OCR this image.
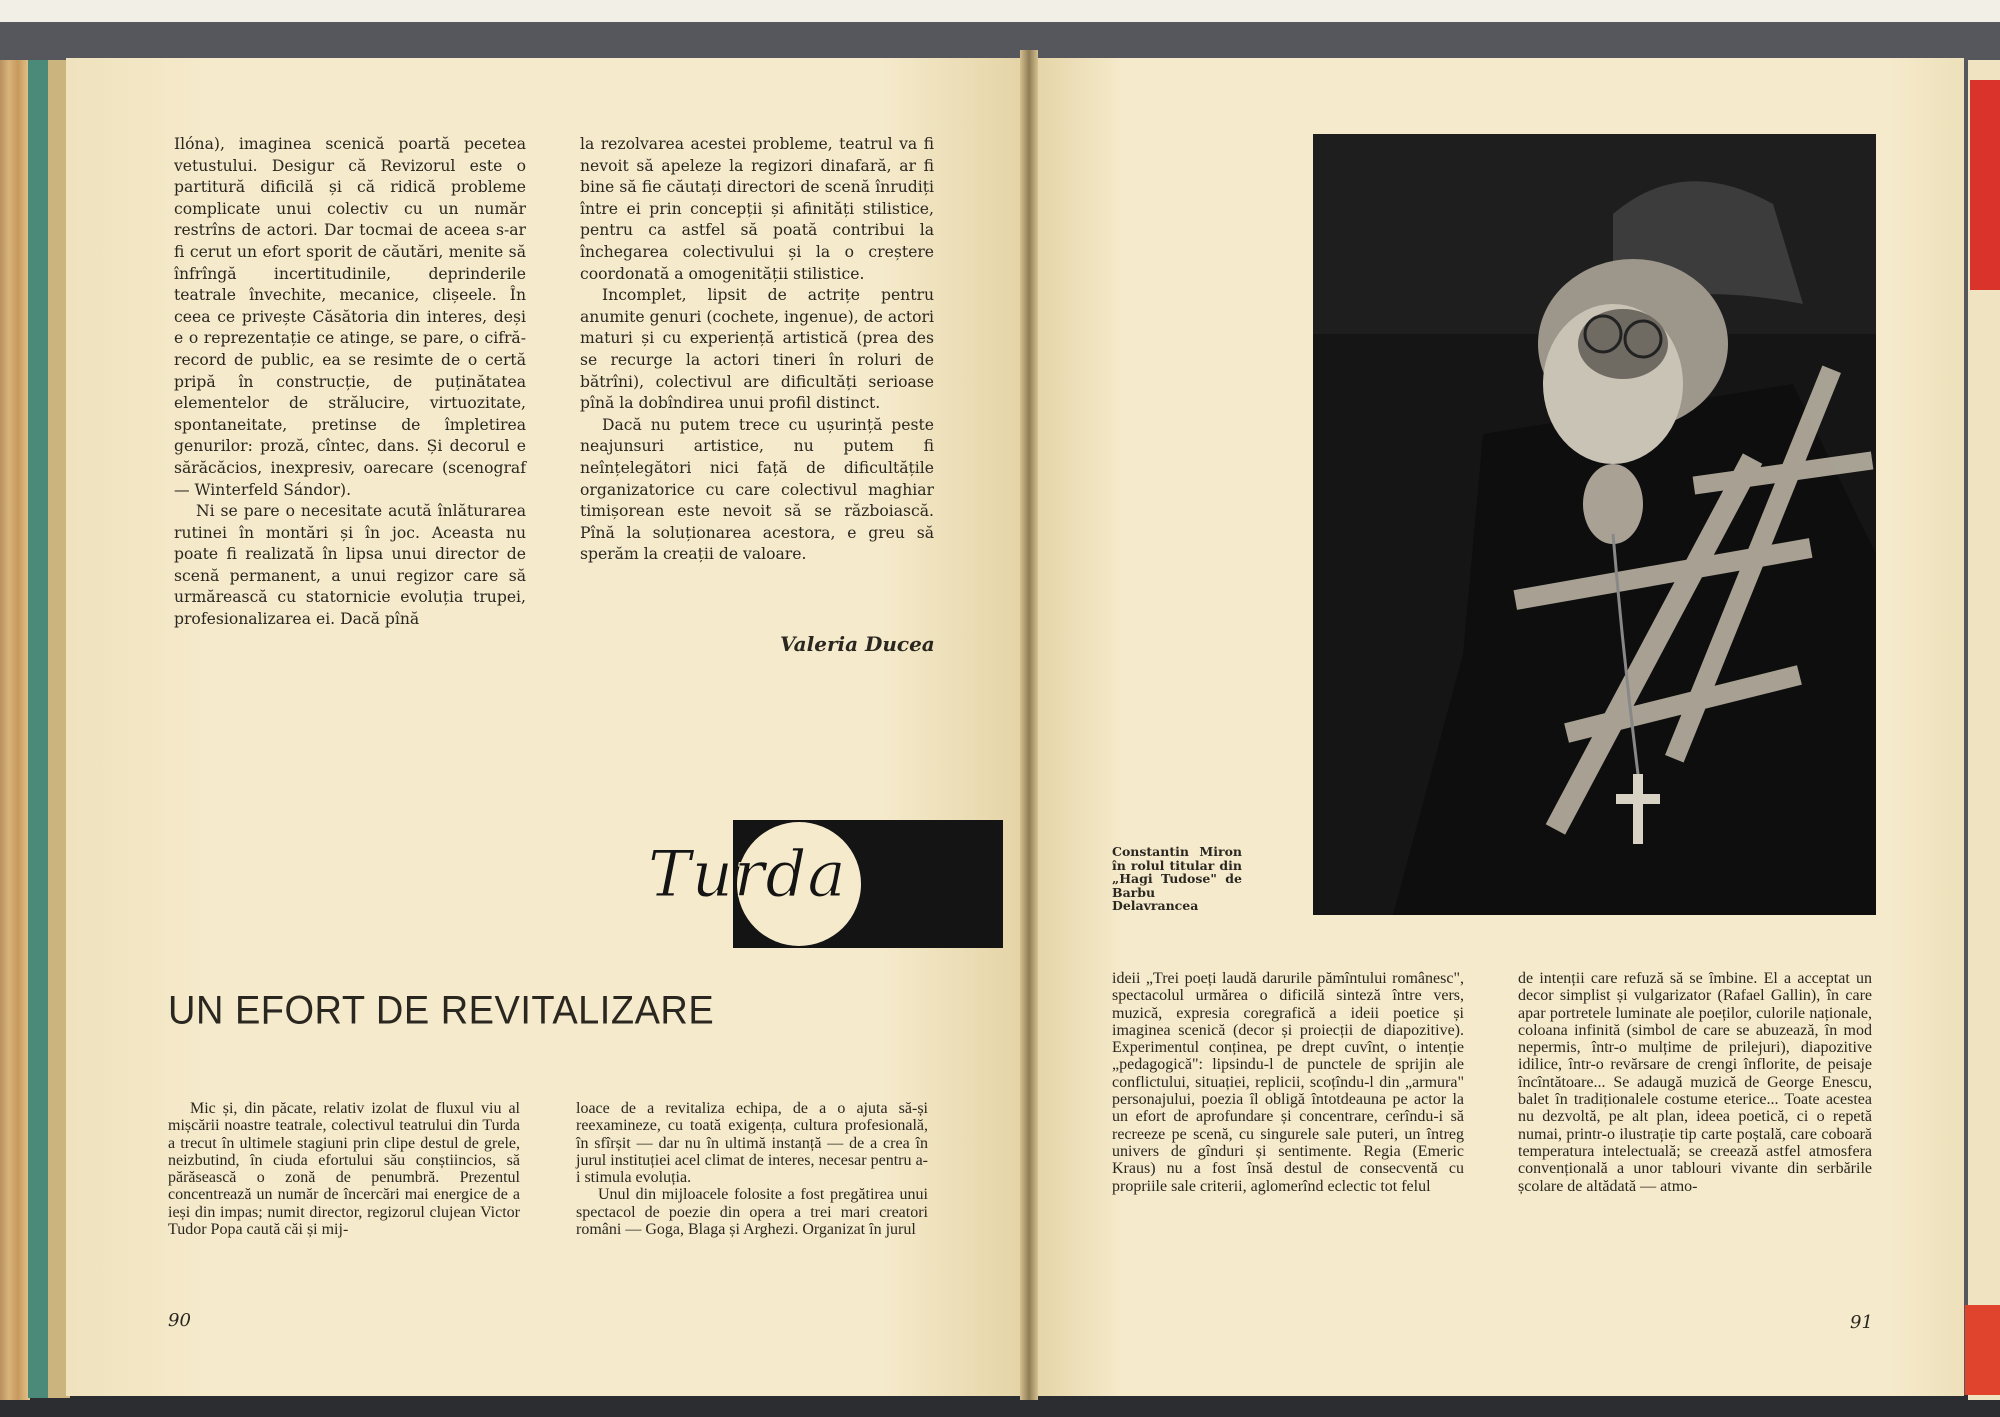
Ilóna), imaginea scenică poartă pecetea vetustului. Desigur că Revizorul este o partitură dificilă și că ridică probleme complicate unui colectiv cu un număr restrîns de actori. Dar tocmai de aceea s-ar fi cerut un efort sporit de căutări, menite să înfrîngă incertitudinile, deprinderile teatrale învechite, mecanice, clișeele. În ceea ce privește Căsătoria din interes, deși e o reprezentație ce atinge, se pare, o cifră-record de public, ea se resimte de o certă pripă în construcție, de puținătatea elementelor de strălucire, virtuozitate, spontaneitate, pretinse de împletirea genurilor: proză, cîntec, dans. Și decorul e sărăcăcios, inexpresiv, oarecare (scenograf — Winterfeld Sándor).

Ni se pare o necesitate acută înlăturarea rutinei în montări și în joc. Aceasta nu poate fi realizată în lipsa unui director de scenă permanent, a unui regizor care să urmărească cu statornicie evoluția trupei, profesionalizarea ei. Dacă pînă

la rezolvarea acestei probleme, teatrul va fi nevoit să apeleze la regizori dinafară, ar fi bine să fie căutați directori de scenă înrudiți între ei prin concepții și afinități stilistice, pentru ca astfel să poată contribui la închegarea colectivului și la o creștere coordonată a omogenității stilistice.

Incomplet, lipsit de actrițe pentru anumite genuri (cochete, ingenue), de actori maturi și cu experiență artistică (prea des se recurge la actori tineri în roluri de bătrîni), colectivul are dificultăți serioase pînă la dobîndirea unui profil distinct.

Dacă nu putem trece cu ușurință peste neajunsuri artistice, nu putem fi neînțelegători nici față de dificultățile organizatorice cu care colectivul maghiar timișorean este nevoit să se războiască. Pînă la soluționarea acestora, e greu să sperăm la creații de valoare.

Valeria Ducea
Turda
UN EFORT DE REVITALIZARE

Mic și, din păcate, relativ izolat de fluxul viu al mișcării noastre teatrale, colectivul teatrului din Turda a trecut în ultimele stagiuni prin clipe destul de grele, neizbutind, în ciuda efortului său conștiincios, să părăsească o zonă de penumbră. Prezentul concentrează un număr de încercări mai energice de a ieși din impas; numit director, regizorul clujean Victor Tudor Popa caută căi și mij-

loace de a revitaliza echipa, de a o ajuta să-și reexamineze, cu toată exigența, cultura profesională, în sfîrșit — dar nu în ultimă instanță — de a crea în jurul instituției acel climat de interes, necesar pentru a-i stimula evoluția.

Unul din mijloacele folosite a fost pregătirea unui spectacol de poezie din opera a trei mari creatori români — Goga, Blaga și Arghezi. Organizat în jurul

90
Constantin Miron în rolul titular din „Hagi Tudose" de Barbu Delavrancea

ideii „Trei poeți laudă darurile pămîntului românesc", spectacolul urmărea o dificilă sinteză între vers, muzică, expresia coregrafică a ideii poetice și imaginea scenică (decor și proiecții de diapozitive). Experimentul conținea, pe drept cuvînt, o intenție „pedagogică": lipsindu-l de punctele de sprijin ale conflictului, situației, replicii, scoțîndu-l din „armura" personajului, poezia îl obligă întotdeauna pe actor la un efort de aprofundare și concentrare, cerîndu-i să recreeze pe scenă, cu singurele sale puteri, un întreg univers de gînduri și sentimente. Regia (Emeric Kraus) nu a fost însă destul de consecventă cu propriile sale criterii, aglomerînd eclectic tot felul

de intenții care refuză să se îmbine. El a acceptat un decor simplist și vulgarizator (Rafael Gallin), în care apar portretele luminate ale poeților, culorile naționale, coloana infinită (simbol de care se abuzează, în mod nepermis, într-o mulțime de prilejuri), diapozitive idilice, într-o revărsare de crengi înflorite, de peisaje încîntătoare... Se adaugă muzică de George Enescu, balet în tradiționalele costume eterice... Toate acestea nu dezvoltă, pe alt plan, ideea poetică, ci o repetă numai, printr-o ilustrație tip carte poștală, care coboară temperatura intelectuală; se creează astfel atmosfera convențională a unor tablouri vivante din serbările școlare de altădată — atmo-

91
